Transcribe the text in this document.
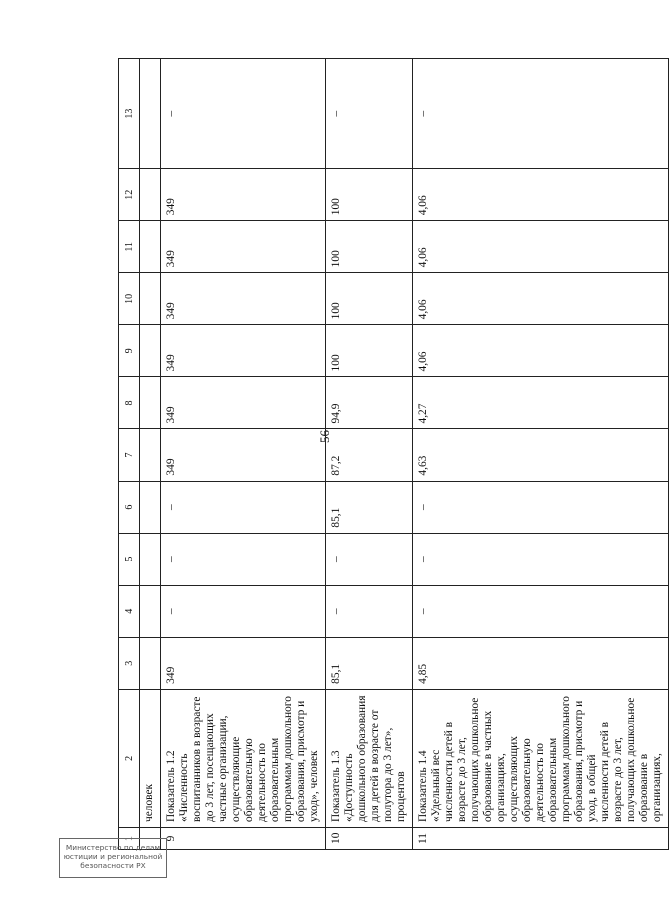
56
1	2	3	4	5	6	7	8	9	10	11	12	13
	человек											
9	Показатель 1.2 «Численность воспитанников в возрасте до 3 лет, посещающих частные организации, осуществляющие образовательную деятельность по образовательным программам дошкольного образования, присмотр и уход», человек	349	–	–	–	349	349	349	349	349	349	–
10	Показатель 1.3 «Доступность дошкольного образования для детей в возрасте от полутора до 3 лет», процентов	85,1	–	–	85,1	87,2	94,9	100	100	100	100	–
11	Показатель 1.4 «Удельный вес численности детей в возрасте до 3 лет, получающих дошкольное образование в частных организациях, осуществляющих образовательную деятельность по образовательным программам дошкольного образования, присмотр и уход, в общей численности детей в возрасте до 3 лет, получающих дошкольное образование в организациях,	4,85	–	–	–	4,63	4,27	4,06	4,06	4,06	4,06	–
Министерство по делам
юстиции и региональной
безопасности РХ
